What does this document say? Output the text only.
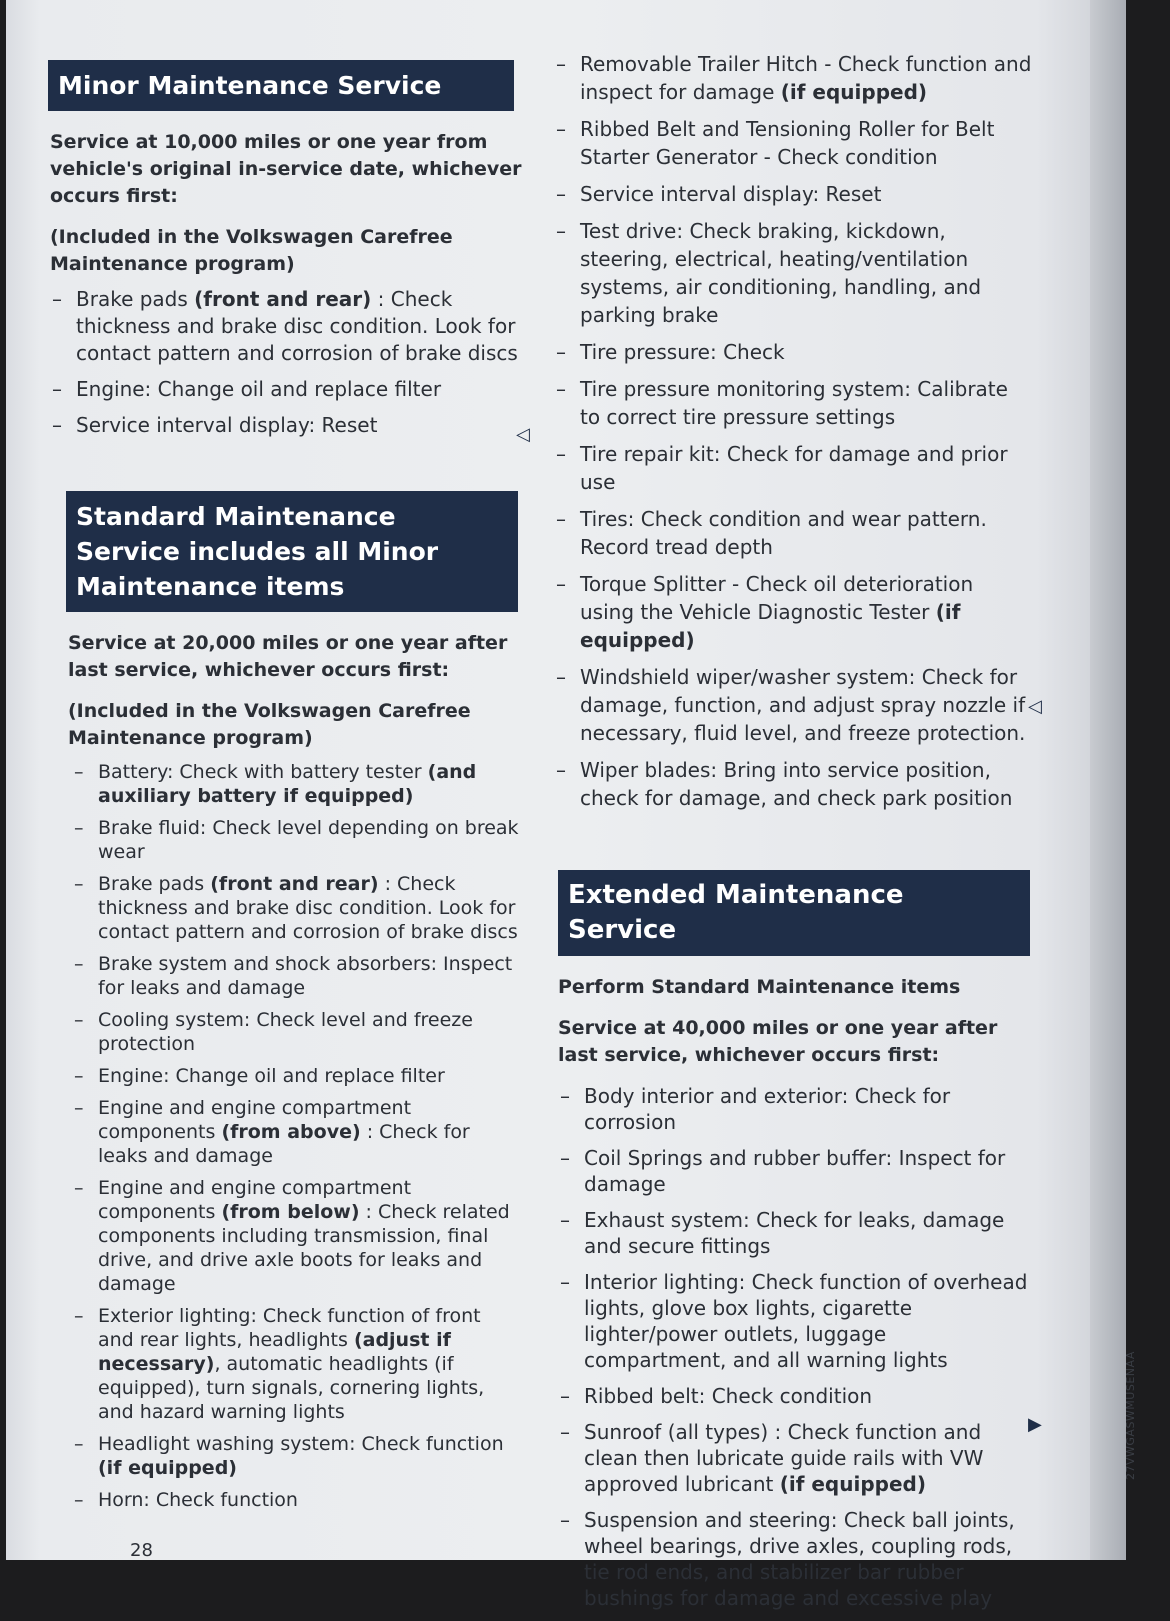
Minor Maintenance Service
Service at 10,000 miles or one year from vehicle's original in-service date, whichever occurs first:
(Included in the Volkswagen Carefree Maintenance program)
– Brake pads (front and rear) : Check thickness and brake disc condition. Look for contact pattern and corrosion of brake discs
– Engine: Change oil and replace filter
– Service interval display: Reset
Standard Maintenance Service includes all Minor Maintenance items
Service at 20,000 miles or one year after last service, whichever occurs first:
(Included in the Volkswagen Carefree Maintenance program)
– Battery: Check with battery tester (and auxiliary battery if equipped)
– Brake fluid: Check level depending on break wear
– Brake pads (front and rear) : Check thickness and brake disc condition. Look for contact pattern and corrosion of brake discs
– Brake system and shock absorbers: Inspect for leaks and damage
– Cooling system: Check level and freeze protection
– Engine: Change oil and replace filter
– Engine and engine compartment components (from above) : Check for leaks and damage
– Engine and engine compartment components (from below) : Check related components including transmission, final drive, and drive axle boots for leaks and damage
– Exterior lighting: Check function of front and rear lights, headlights (adjust if necessary), automatic headlights (if equipped), turn signals, cornering lights, and hazard warning lights
– Headlight washing system: Check function (if equipped)
– Horn: Check function
– Removable Trailer Hitch - Check function and inspect for damage (if equipped)
– Ribbed Belt and Tensioning Roller for Belt Starter Generator - Check condition
– Service interval display: Reset
– Test drive: Check braking, kickdown, steering, electrical, heating/ventilation systems, air conditioning, handling, and parking brake
– Tire pressure: Check
– Tire pressure monitoring system: Calibrate to correct tire pressure settings
– Tire repair kit: Check for damage and prior use
– Tires: Check condition and wear pattern. Record tread depth
– Torque Splitter - Check oil deterioration using the Vehicle Diagnostic Tester (if equipped)
– Windshield wiper/washer system: Check for damage, function, and adjust spray nozzle if necessary, fluid level, and freeze protection.
– Wiper blades: Bring into service position, check for damage, and check park position
Extended Maintenance Service
Perform Standard Maintenance items
Service at 40,000 miles or one year after last service, whichever occurs first:
– Body interior and exterior: Check for corrosion
– Coil Springs and rubber buffer: Inspect for damage
– Exhaust system: Check for leaks, damage and secure fittings
– Interior lighting: Check function of overhead lights, glove box lights, cigarette lighter/power outlets, luggage compartment, and all warning lights
– Ribbed belt: Check condition
– Sunroof (all types) : Check function and clean then lubricate guide rails with VW approved lubricant (if equipped)
– Suspension and steering: Check ball joints, wheel bearings, drive axles, coupling rods, tie rod ends, and stabilizer bar rubber bushings for damage and excessive play
◁
◁
▶
28
27VWGASWMUSENAA
